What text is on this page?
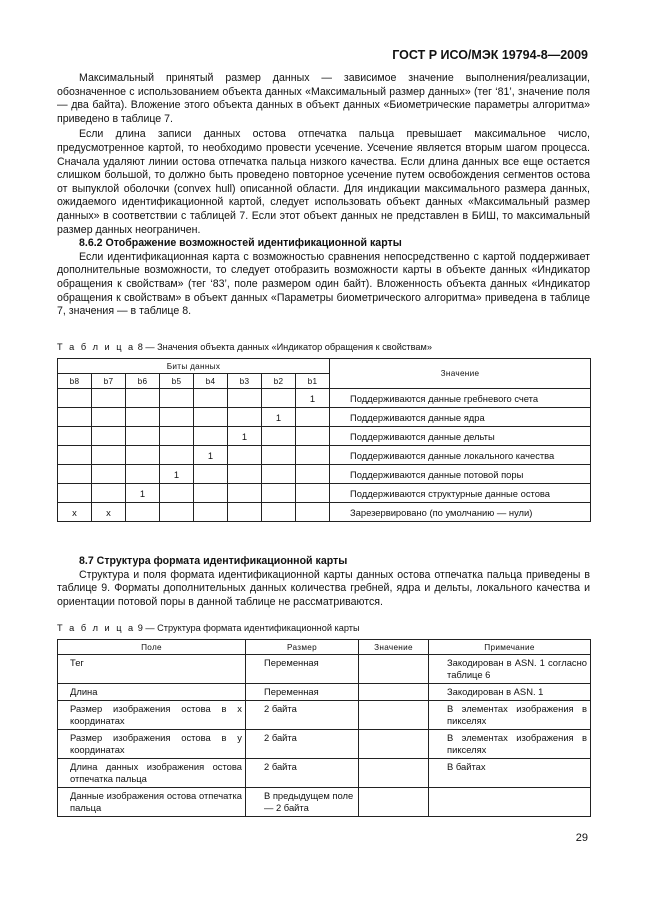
ГОСТ Р ИСО/МЭК 19794-8—2009

Максимальный принятый размер данных — зависимое значение выполнения/реализации, обозначенное с использованием объекта данных «Максимальный размер данных» (тег ‘81’, значение поля — два байта). Вложение этого объекта данных в объект данных «Биометрические параметры алгоритма» приведено в таблице 7.

Если длина записи данных остова отпечатка пальца превышает максимальное число, предусмотренное картой, то необходимо провести усечение. Усечение является вторым шагом процесса. Сначала удаляют линии остова отпечатка пальца низкого качества. Если длина данных все еще остается слишком большой, то должно быть проведено повторное усечение путем освобождения сегментов остова от выпуклой оболочки (convex hull) описанной области. Для индикации максимального размера данных, ожидаемого идентификационной картой, следует использовать объект данных «Максимальный размер данных» в соответствии с таблицей 7. Если этот объект данных не представлен в БИШ, то максимальный размер данных неограничен.

8.6.2 Отображение возможностей идентификационной карты

Если идентификационная карта с возможностью сравнения непосредственно с картой поддерживает дополнительные возможности, то следует отобразить возможности карты в объекте данных «Индикатор обращения к свойствам» (тег ‘83’, поле размером один байт). Вложенность объекта данных «Индикатор обращения к свойствам» в объект данных «Параметры биометрического алгоритма» приведена в таблице 7, значения — в таблице 8.

Т а б л и ц а 8 — Значения объекта данных «Индикатор обращения к свойствам»
Биты данных								Значение
b8	b7	b6	b5	b4	b3	b2	b1	
							1	Поддерживаются данные гребневого счета
						1		Поддерживаются данные ядра
					1			Поддерживаются данные дельты
				1				Поддерживаются данные локального качества
			1					Поддерживаются данные потовой поры
		1						Поддерживаются структурные данные остова
x	x							Зарезервировано (по умолчанию — нули)

8.7 Структура формата идентификационной карты

Структура и поля формата идентификационной карты данных остова отпечатка пальца приведены в таблице 9. Форматы дополнительных данных количества гребней, ядра и дельты, локального качества и ориентации потовой поры в данной таблице не рассматриваются.

Т а б л и ц а 9 — Структура формата идентификационной карты
Поле	Размер	Значение	Примечание
Тег	Переменная		Закодирован в ASN. 1 согласно таблице 6
Длина	Переменная		Закодирован в ASN. 1
Размер изображения остова в x координатах	2 байта		В элементах изображения в пикселях
Размер изображения остова в y координатах	2 байта		В элементах изображения в пикселях
Длина данных изображения остова отпечатка пальца	2 байта		В байтах
Данные изображения остова отпечатка пальца	В предыдущем поле — 2 байта		
29
